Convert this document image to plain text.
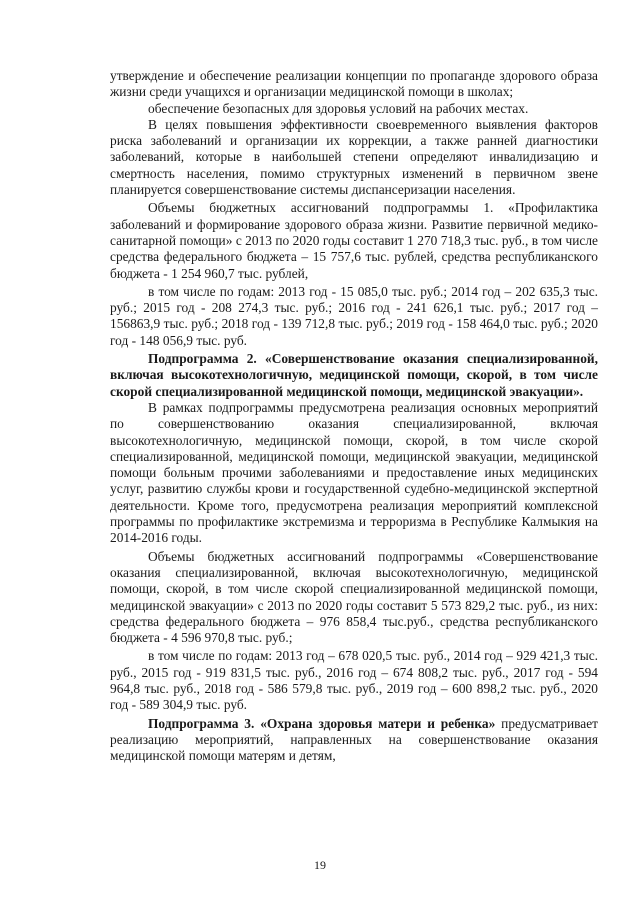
утверждение и обеспечение реализации концепции по пропаганде здорового образа жизни среди учащихся и организации медицинской помощи в школах;

обеспечение безопасных для здоровья условий на рабочих местах.

В целях повышения эффективности своевременного выявления факторов риска заболеваний и организации их коррекции, а также ранней диагностики заболеваний, которые в наибольшей степени определяют инвалидизацию и смертность населения, помимо структурных изменений в первичном звене планируется совершенствование системы диспансеризации населения.

Объемы бюджетных ассигнований подпрограммы 1. «Профилактика заболеваний и формирование здорового образа жизни. Развитие первичной медико-санитарной помощи» с 2013 по 2020 годы составит 1 270 718,3 тыс. руб., в том числе средства федерального бюджета – 15 757,6 тыс. рублей, средства республиканского бюджета - 1 254 960,7 тыс. рублей,

в том числе по годам: 2013 год - 15 085,0 тыс. руб.; 2014 год – 202 635,3 тыс. руб.; 2015 год - 208 274,3 тыс. руб.; 2016 год - 241 626,1 тыс. руб.; 2017 год – 156863,9 тыс. руб.; 2018 год - 139 712,8 тыс. руб.; 2019 год - 158 464,0 тыс. руб.; 2020 год - 148 056,9 тыс. руб.

Подпрограмма 2. «Совершенствование оказания специализированной, включая высокотехнологичную, медицинской помощи, скорой, в том числе скорой специализированной медицинской помощи, медицинской эвакуации».

В рамках подпрограммы предусмотрена реализация основных мероприятий по совершенствованию оказания специализированной, включая высокотехнологичную, медицинской помощи, скорой, в том числе скорой специализированной, медицинской помощи, медицинской эвакуации, медицинской помощи больным прочими заболеваниями и предоставление иных медицинских услуг, развитию службы крови и государственной судебно-медицинской экспертной деятельности. Кроме того, предусмотрена реализация мероприятий комплексной программы по профилактике экстремизма и терроризма в Республике Калмыкия на 2014-2016 годы.

Объемы бюджетных ассигнований подпрограммы «Совершенствование оказания специализированной, включая высокотехнологичную, медицинской помощи, скорой, в том числе скорой специализированной медицинской помощи, медицинской эвакуации» с 2013 по 2020 годы составит 5 573 829,2 тыс. руб., из них: средства федерального бюджета – 976 858,4 тыс.руб., средства республиканского бюджета - 4 596 970,8 тыс. руб.;

в том числе по годам: 2013 год – 678 020,5 тыс. руб., 2014 год – 929 421,3 тыс. руб., 2015 год - 919 831,5 тыс. руб., 2016 год – 674 808,2 тыс. руб., 2017 год - 594 964,8 тыс. руб., 2018 год - 586 579,8 тыс. руб., 2019 год – 600 898,2 тыс. руб., 2020 год - 589 304,9 тыс. руб.

Подпрограмма 3. «Охрана здоровья матери и ребенка» предусматривает реализацию мероприятий, направленных на совершенствование оказания медицинской помощи матерям и детям,

19
